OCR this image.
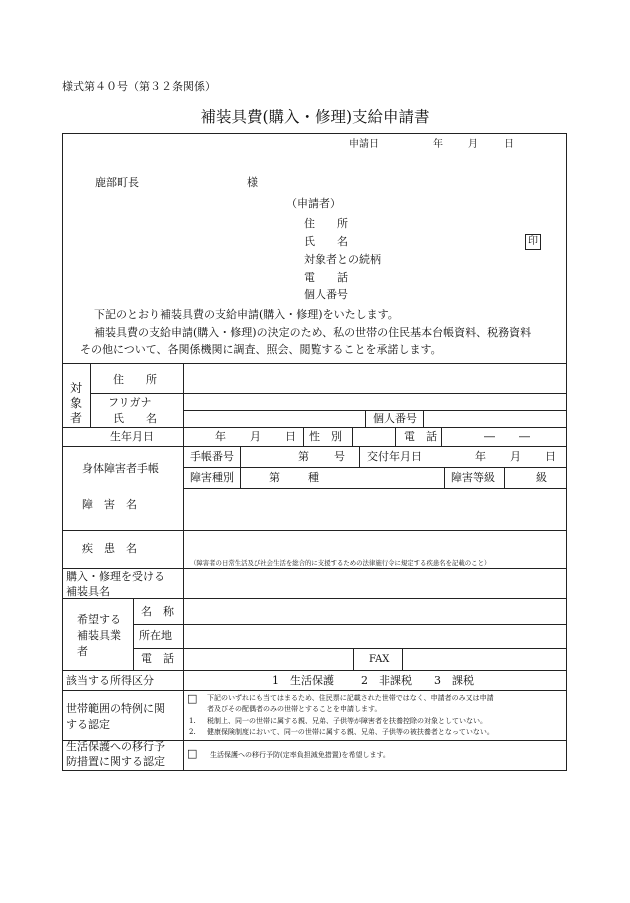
様式第４０号（第３２条関係）
補装具費(購入・修理)支給申請書
申請日	年	月	日
鹿部町長	様
（申請者）
住　　所
氏　　名	印
対象者との続柄
電　　話
個人番号
下記のとおり補装具費の支給申請(購入・修理)をいたします。
補装具費の支給申請(購入・修理)の決定のため、私の世帯の住民基本台帳資料、税務資料
その他について、各関係機関に調査、照会、閲覧することを承諾します。
対象者
住　　所
フリガナ
氏　　名	個人番号
生年月日	年 月 日 性　別	電　話	― ―
身体障害者手帳
手帳番号	第 号 交付年月日	年 月 日
障害種別	第	種	障害等級	級
障　害　名
疾　患　名
（障害者の日常生活及び社会生活を総合的に支援するための法律施行令に規定する疾患名を記載のこと）
購入・修理を受ける
補装具名
希望する
補装具業
者
名　称
所在地
電　話	FAX
該当する所得区分	1　生活保護 2　非課税 3　課税
世帯範囲の特例に関
する認定
□ 下記のいずれにも当てはまるため、住民票に記載された世帯ではなく、申請者のみ又は申請
者及びその配偶者のみの世帯とすることを申請します。
1. 税制上、同一の世帯に属する親、兄弟、子供等が障害者を扶養控除の対象としていない。
2. 健康保険制度において、同一の世帯に属する親、兄弟、子供等の被扶養者となっていない。
生活保護への移行予
防措置に関する認定
□ 生活保護への移行予防(定率負担減免措置)を希望します。
